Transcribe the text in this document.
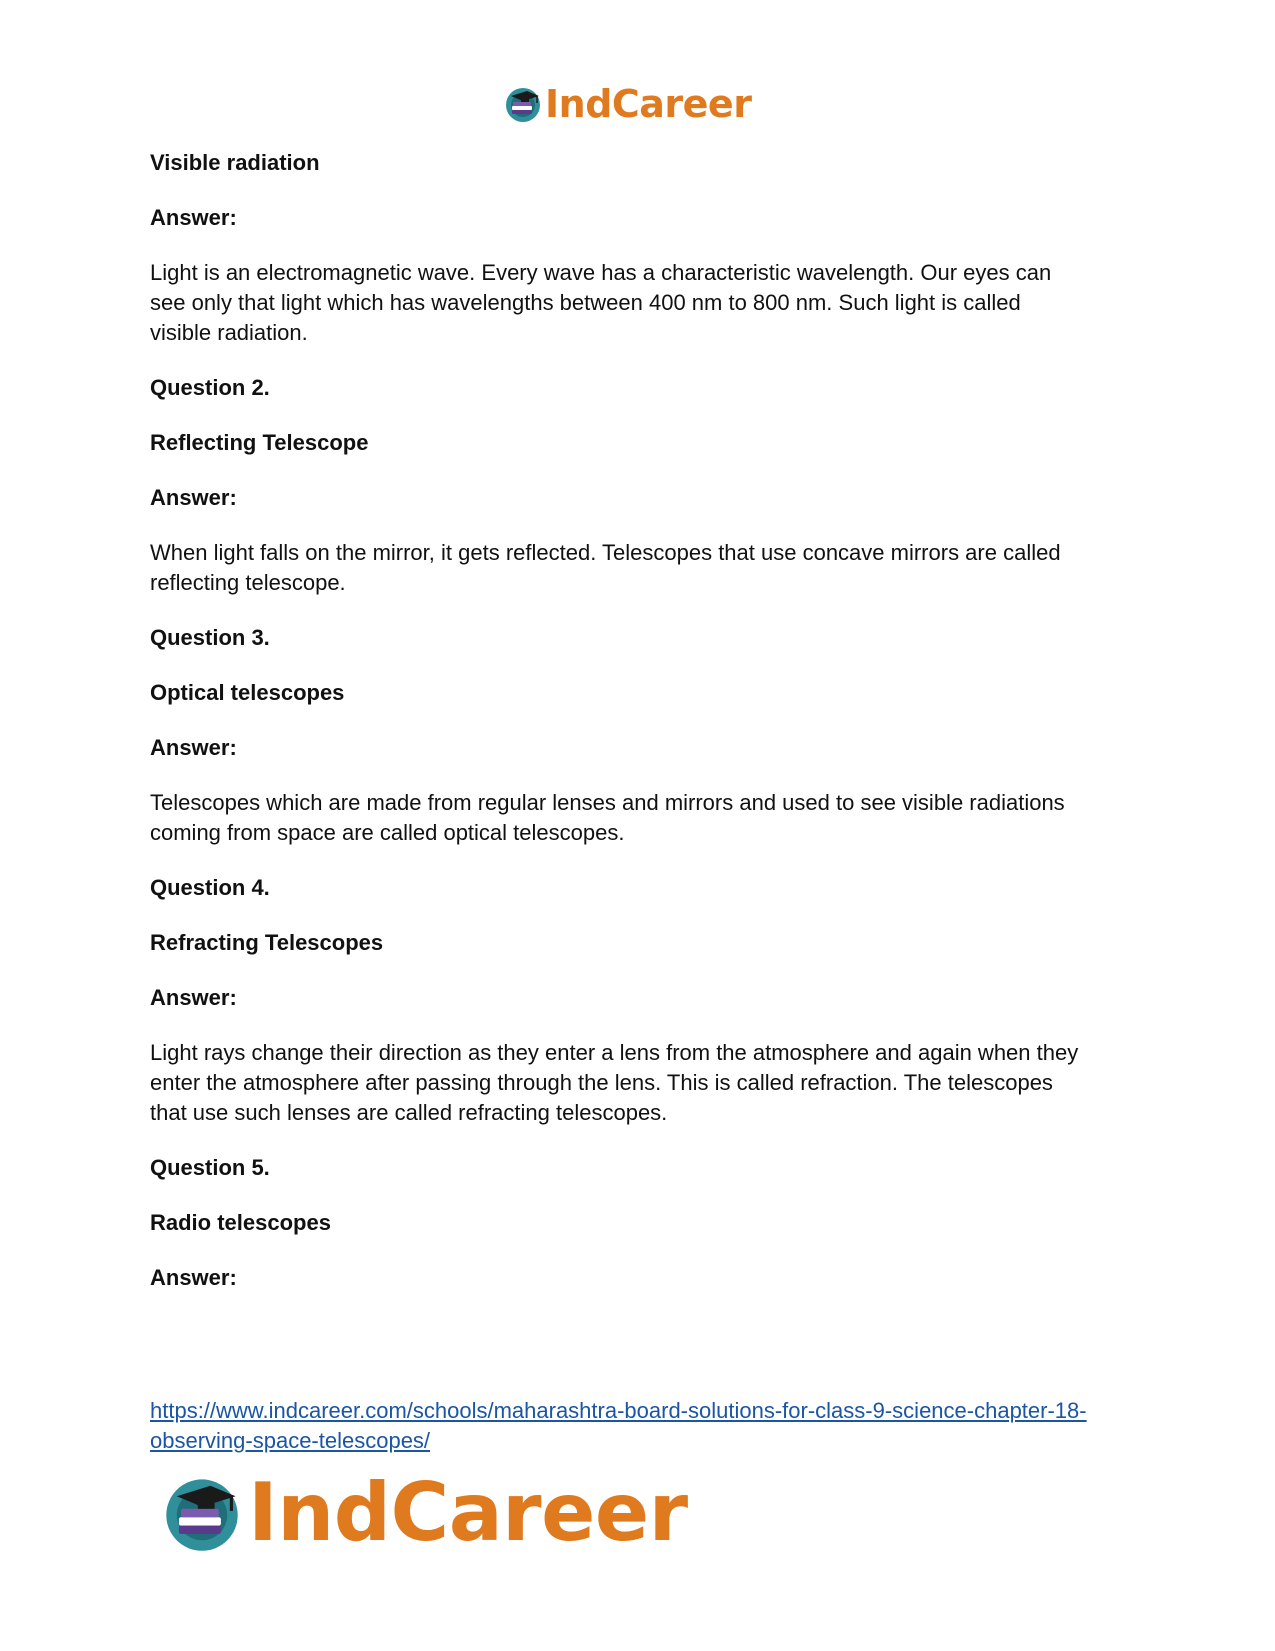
IndCareer

Visible radiation

Answer:

Light is an electromagnetic wave. Every wave has a characteristic wavelength. Our eyes can
see only that light which has wavelengths between 400 nm to 800 nm. Such light is called
visible radiation.

Question 2.

Reflecting Telescope

Answer:

When light falls on the mirror, it gets reflected. Telescopes that use concave mirrors are called
reflecting telescope.

Question 3.

Optical telescopes

Answer:

Telescopes which are made from regular lenses and mirrors and used to see visible radiations
coming from space are called optical telescopes.

Question 4.

Refracting Telescopes

Answer:

Light rays change their direction as they enter a lens from the atmosphere and again when they
enter the atmosphere after passing through the lens. This is called refraction. The telescopes
that use such lenses are called refracting telescopes.

Question 5.

Radio telescopes

Answer:

https://www.indcareer.com/schools/maharashtra-board-solutions-for-class-9-science-chapter-18-
observing-space-telescopes/
IndCareer
